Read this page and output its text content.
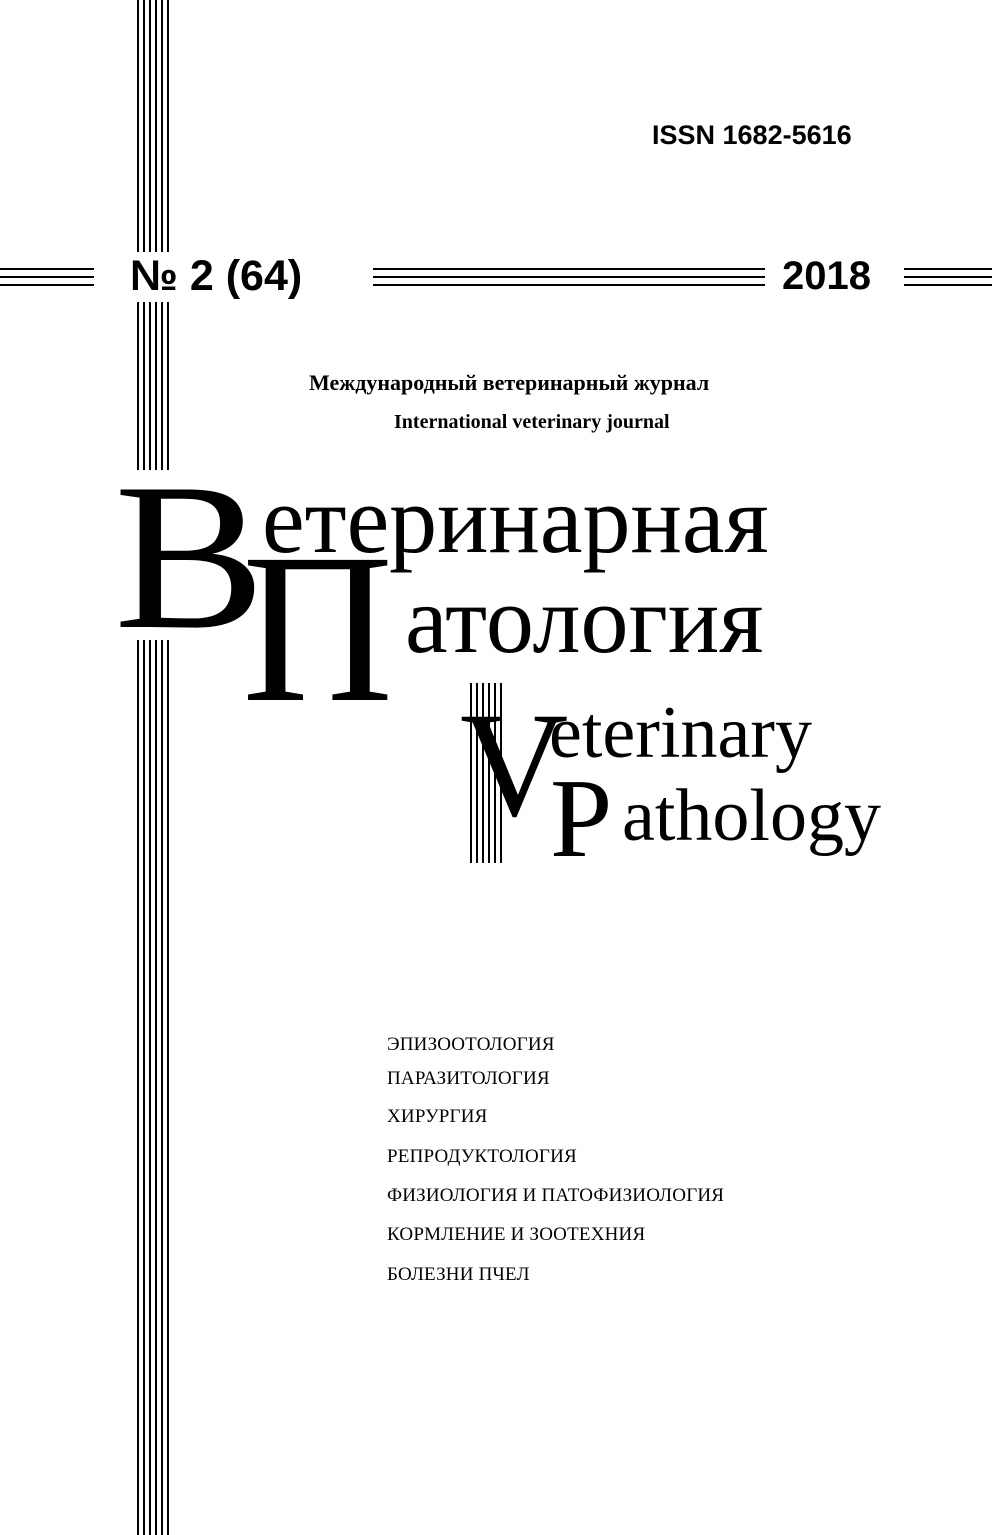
ISSN 1682-5616
№ 2 (64)	2018
Международный ветеринарный журнал
International veterinary journal
В
П
етеринарная
атология
V
P
eterinary
athology
ЭПИЗООТОЛОГИЯ
ПАРАЗИТОЛОГИЯ
ХИРУРГИЯ
РЕПРОДУКТОЛОГИЯ
ФИЗИОЛОГИЯ И ПАТОФИЗИОЛОГИЯ
КОРМЛЕНИЕ И ЗООТЕХНИЯ
БОЛЕЗНИ ПЧЕЛ
